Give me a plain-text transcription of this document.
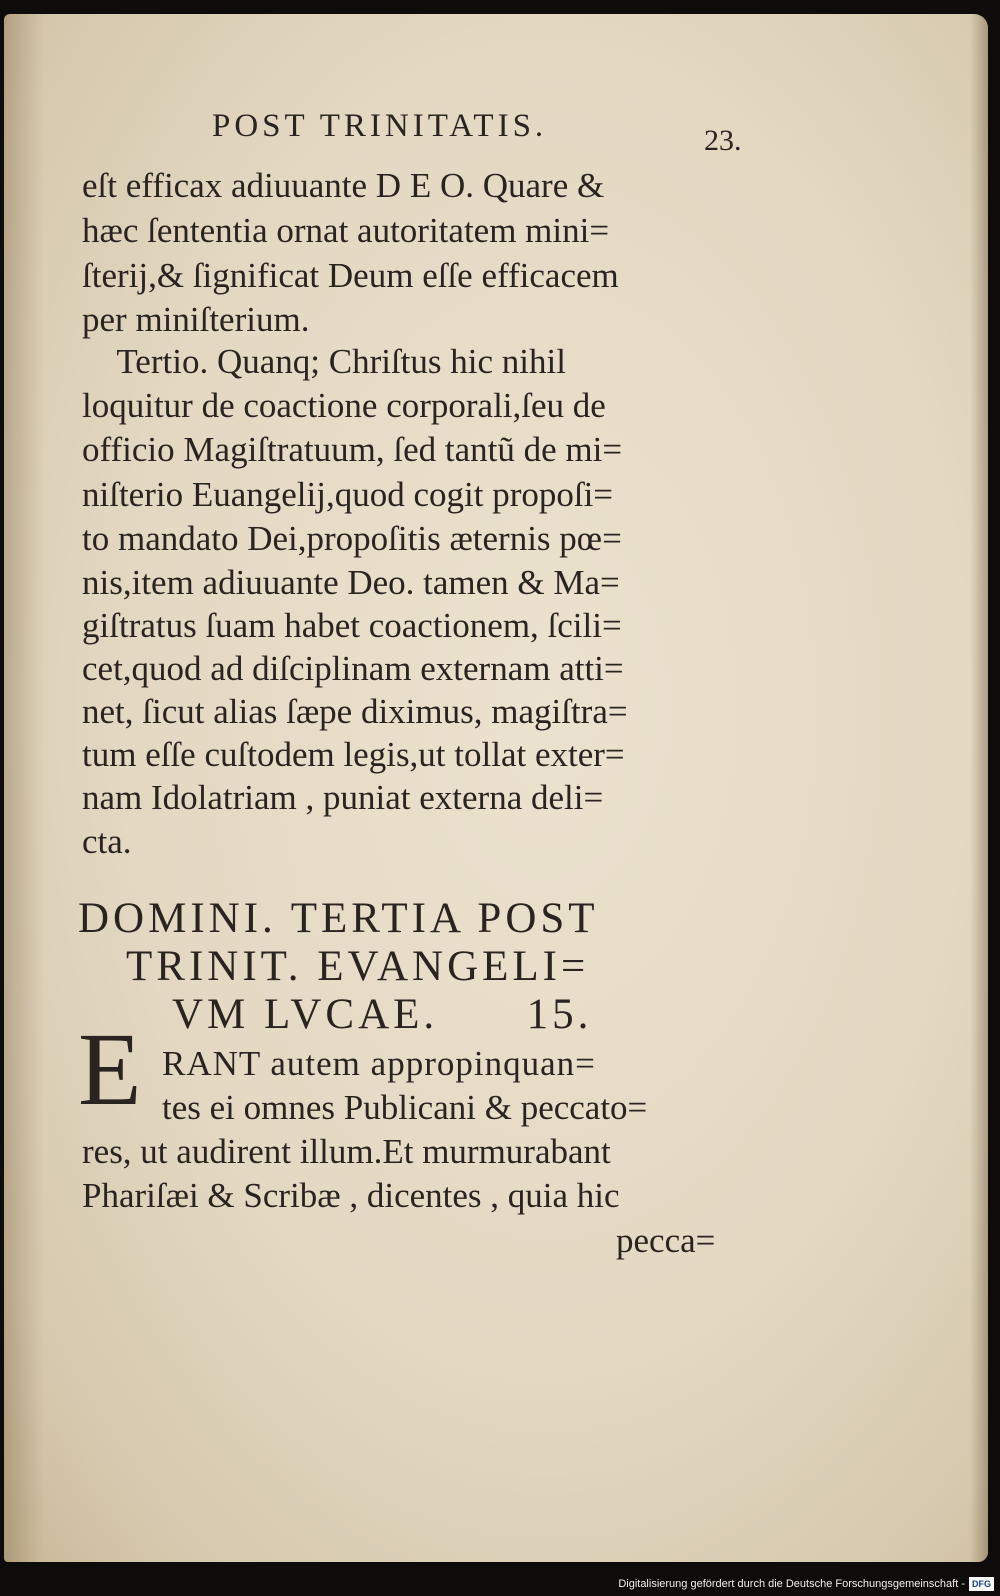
POST TRINITATIS.	23.
eſt efficax adiuuante D E O. Quare &
hæc ſententia ornat autoritatem mini=
ſterij,& ſignificat Deum eſſe efficacem
per miniſterium.
Tertio. Quanq; Chriſtus hic nihil
loquitur de coactione corporali,ſeu de
officio Magiſtratuum, ſed tantũ de mi=
niſterio Euangelij,quod cogit propoſi=
to mandato Dei,propoſitis æternis pœ=
nis,item adiuuante Deo. tamen & Ma=
giſtratus ſuam habet coactionem, ſcili=
cet,quod ad diſciplinam externam atti=
net, ſicut alias ſæpe diximus, magiſtra=
tum eſſe cuſtodem legis,ut tollat exter=
nam Idolatriam , puniat externa deli=
cta.
DOMINI. TERTIA POST
TRINIT. EVANGELI=
VM LVCAE.      15.
E RANT autem appropinquan=
tes ei omnes Publicani & peccato=
res, ut audirent illum.Et murmurabant
Phariſæi & Scribæ , dicentes , quia hic
pecca=
Digitalisierung gefördert durch die Deutsche Forschungsgemeinschaft - DFG
